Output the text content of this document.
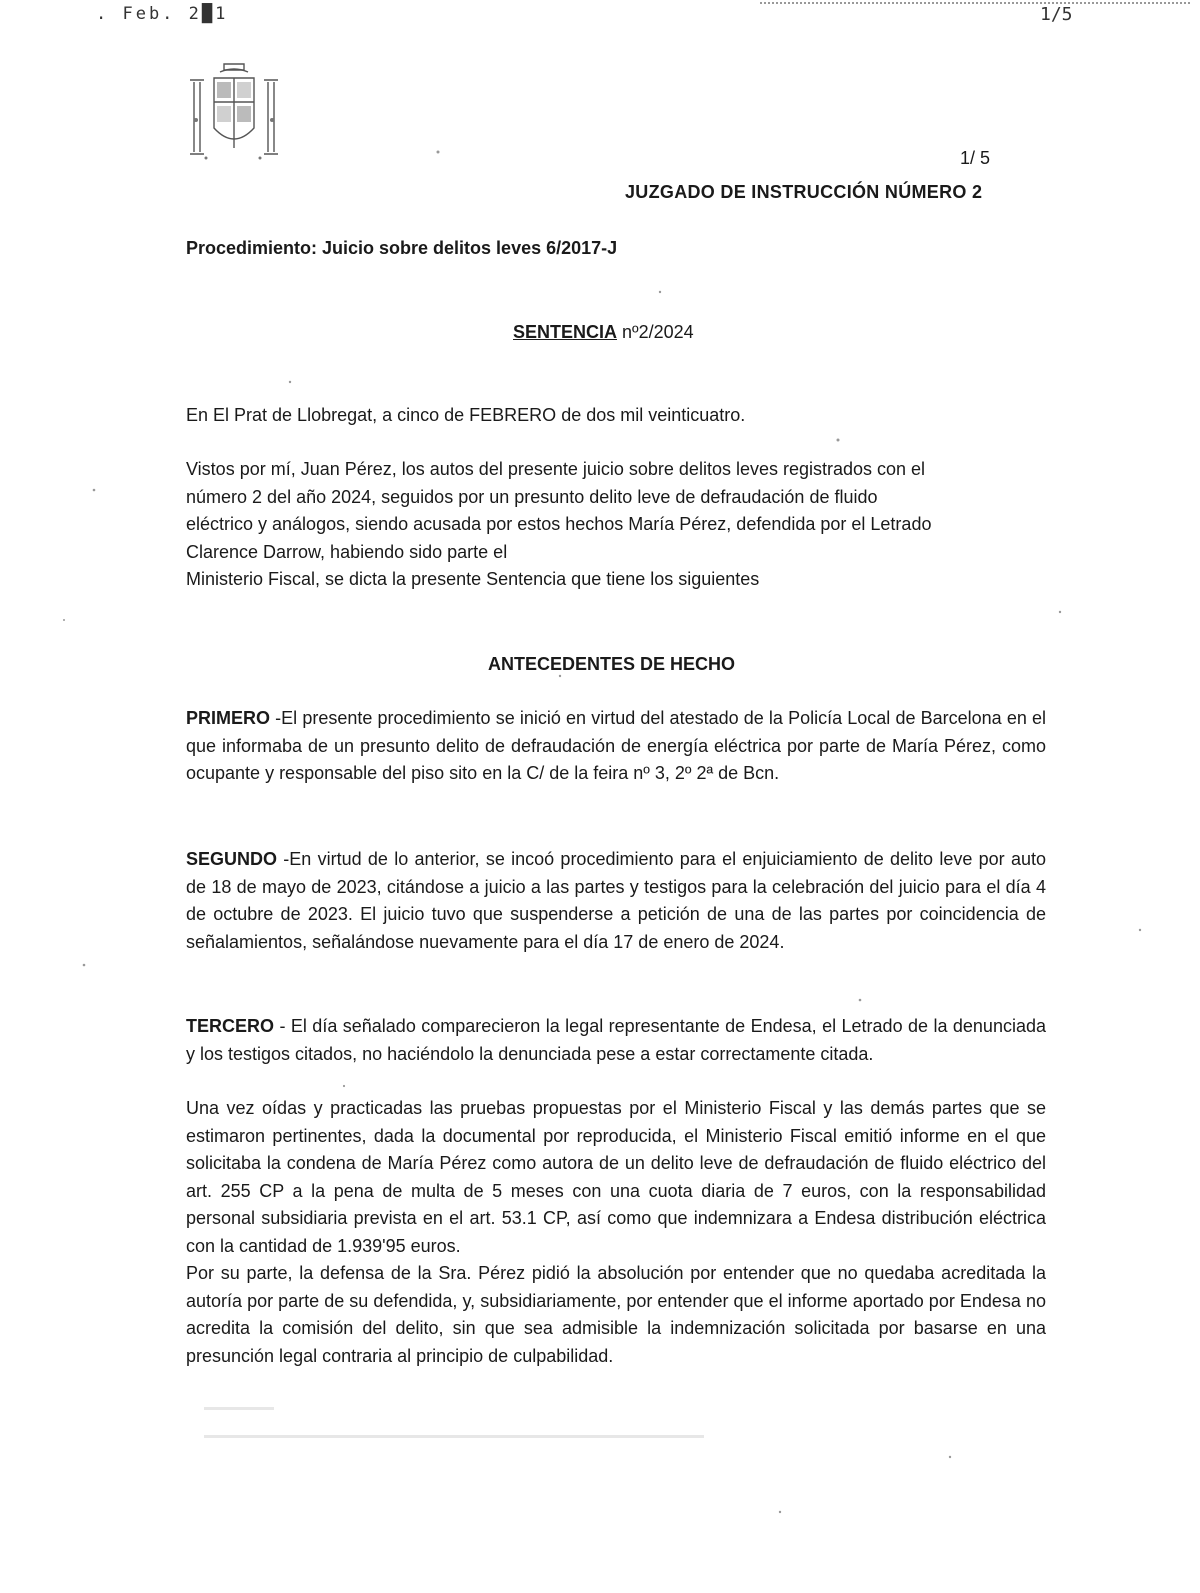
. Feb. 2█1	1/5
1/ 5
JUZGADO DE INSTRUCCIÓN NÚMERO 2
Procedimiento: Juicio sobre delitos leves 6/2017-J
SENTENCIA nº2/2024
En El Prat de Llobregat, a cinco de FEBRERO de dos mil veinticuatro.
Vistos por mí, Juan Pérez, los autos del presente juicio sobre delitos leves registrados con el
número 2 del año 2024, seguidos por un presunto delito leve de defraudación de fluido
eléctrico y análogos, siendo acusada por estos hechos María Pérez, defendida por el Letrado
Clarence Darrow, habiendo sido parte el
Ministerio Fiscal, se dicta la presente Sentencia que tiene los siguientes
ANTECEDENTES DE HECHO
PRIMERO -El presente procedimiento se inició en virtud del atestado de la Policía Local de Barcelona en el que informaba de un presunto delito de defraudación de energía eléctrica por parte de María Pérez, como ocupante y responsable del piso sito en la C/ de la feira nº 3, 2º 2ª de Bcn.
SEGUNDO -En virtud de lo anterior, se incoó procedimiento para el enjuiciamiento de delito leve por auto de 18 de mayo de 2023, citándose a juicio a las partes y testigos para la celebración del juicio para el día 4 de octubre de 2023. El juicio tuvo que suspenderse a petición de una de las partes por coincidencia de señalamientos, señalándose nuevamente para el día 17 de enero de 2024.
TERCERO - El día señalado comparecieron la legal representante de Endesa, el Letrado de la denunciada y los testigos citados, no haciéndolo la denunciada pese a estar correctamente citada.
Una vez oídas y practicadas las pruebas propuestas por el Ministerio Fiscal y las demás partes que se estimaron pertinentes, dada la documental por reproducida, el Ministerio Fiscal emitió informe en el que solicitaba la condena de María Pérez como autora de un delito leve de defraudación de fluido eléctrico del art. 255 CP a la pena de multa de 5 meses con una cuota diaria de 7 euros, con la responsabilidad personal subsidiaria prevista en el art. 53.1 CP, así como que indemnizara a Endesa distribución eléctrica con la cantidad de 1.939'95 euros.
Por su parte, la defensa de la Sra. Pérez pidió la absolución por entender que no quedaba acreditada la autoría por parte de su defendida, y, subsidiariamente, por entender que el informe aportado por Endesa no acredita la comisión del delito, sin que sea admisible la indemnización solicitada por basarse en una presunción legal contraria al principio de culpabilidad.
